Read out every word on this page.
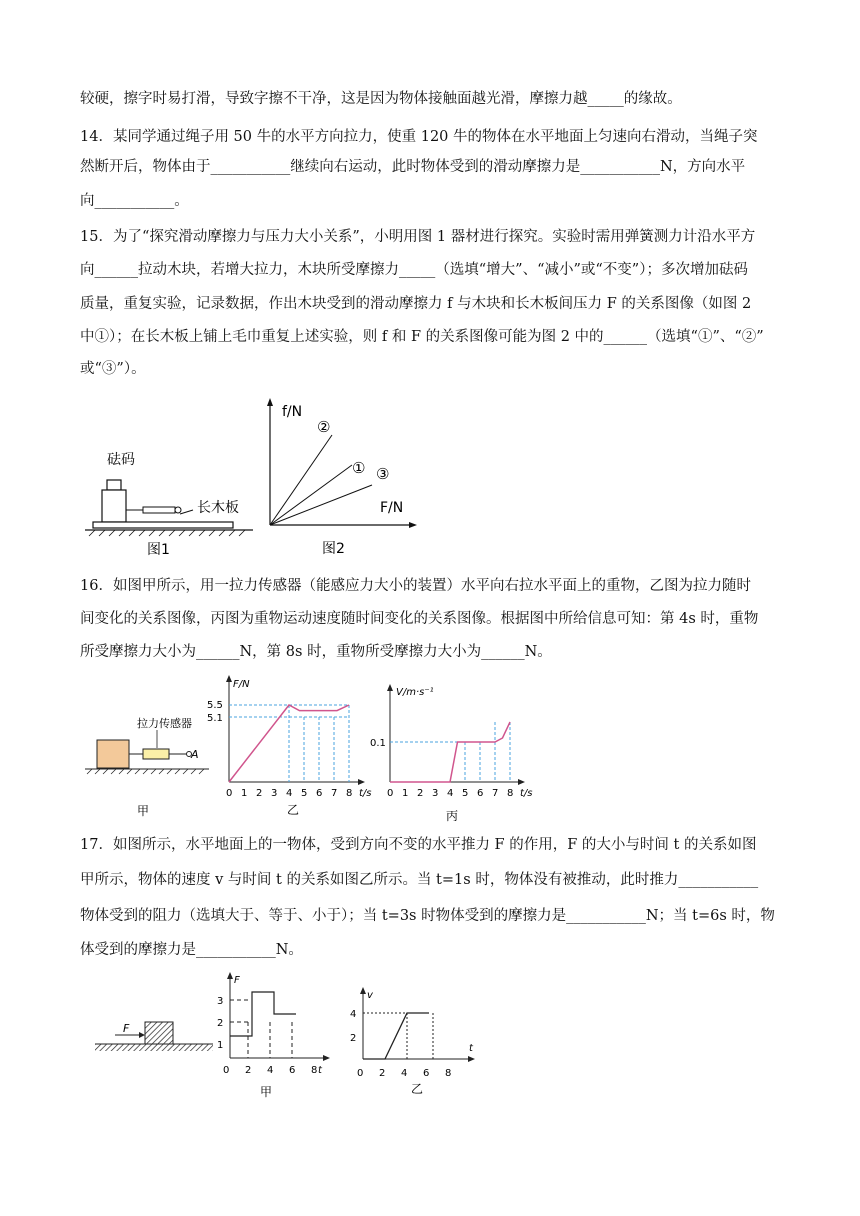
较硬，擦字时易打滑，导致字擦不干净，这是因为物体接触面越光滑，摩擦力越_____的缘故。
14．某同学通过绳子用 50 牛的水平方向拉力，使重 120 牛的物体在水平地面上匀速向右滑动，当绳子突
然断开后，物体由于___________继续向右运动，此时物体受到的滑动摩擦力是___________N，方向水平
向___________。
15．为了“探究滑动摩擦力与压力大小关系”，小明用图 1 器材进行探究。实验时需用弹簧测力计沿水平方
向______拉动木块，若增大拉力，木块所受摩擦力_____（选填“增大”、“减小”或“不变”）；多次增加砝码
质量，重复实验，记录数据，作出木块受到的滑动摩擦力 f 与木块和长木板间压力 F 的关系图像（如图 2
中①）；在长木板上铺上毛巾重复上述实验，则 f 和 F 的关系图像可能为图 2 中的______（选填“①”、“②”
或“③”）。
16．如图甲所示，用一拉力传感器（能感应力大小的装置）水平向右拉水平面上的重物，乙图为拉力随时
间变化的关系图像，丙图为重物运动速度随时间变化的关系图像。根据图中所给信息可知：第 4s 时，重物
所受摩擦力大小为______N，第 8s 时，重物所受摩擦力大小为______N。
17．如图所示，水平地面上的一物体，受到方向不变的水平推力 F 的作用，F 的大小与时间 t 的关系如图
甲所示，物体的速度 v 与时间 t 的关系如图乙所示。当 t=1s 时，物体没有被推动，此时推力___________
物体受到的阻力（选填大于、等于、小于）；当 t=3s 时物体受到的摩擦力是___________N；当 t=6s 时，物
体受到的摩擦力是___________N。
砝码
长木板
图1
f/N
F/N
②
① ③
图2
A
拉力传感器
甲
F/N
t/s
0 1 2 3 4 5 6 7 8
5.5
5.1
乙
V/m·s⁻¹
t/s
0.1
0 1 2 3 4 5 6 7 8
丙
F
F
t
3
2
1
0 2 4 6 8
甲
v
t
4
2
0 2 4 6 8
乙
